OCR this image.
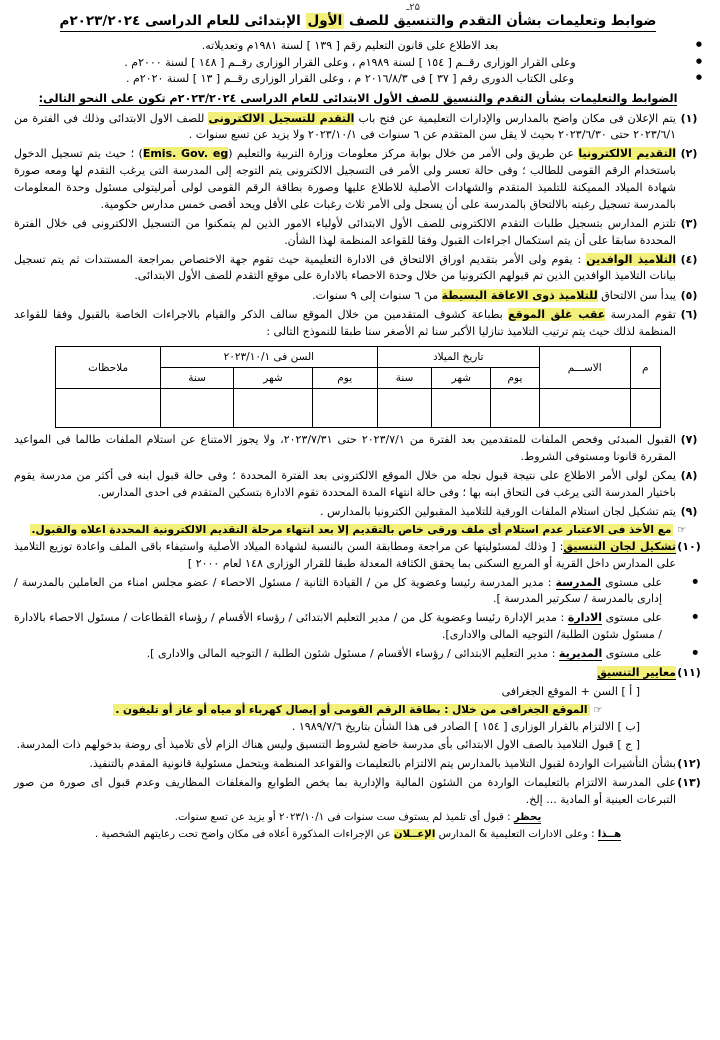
۲۵ـ
ضوابط وتعليمات بشأن التقدم والتنسيق للصف الأول الإبتدائى للعام الدراسى ٢٠٢٣/٢٠٢٤م
● بعد الاطلاع على قانون التعليم رقم [ ١٣٩ ] لسنة ١٩٨١م وتعديلاته.
● وعلى القرار الوزارى رقــم [ ١٥٤ ] لسنة ١٩٨٩م ، وعلى القرار الوزارى رقــم [ ١٤٨ ] لسنة ٢٠٠٠م .
● وعلى الكتاب الدورى رقم [ ٣٧ ] فى ٢٠١٦/٨/٣ م ، وعلى القرار الوزارى رقــم [ ١٣ ] لسنة ٢٠٢٠م .
الضوابط والتعليمات بشأن التقدم والتنسيق للصف الأول الابتدائى للعام الدراسى ٢٠٢٣/٢٠٢٤م تكون على النحو التالى:
(١)
يتم الإعلان فى مكان واضح بالمدارس والإدارات التعليمية عن فتح باب التقدم للتسجيل الالكترونى للصف الاول الابتدائى وذلك فى الفترة من ٢٠٢٣/٦/١ حتى ٢٠٢٣/٦/٣٠ بحيث لا يقل سن المتقدم عن ٦ سنوات فى ٢٠٢٣/١٠/١ ولا يزيد عن تسع سنوات .
(٢)
التقديم الالكترونيا عن طريق ولى الأمر من خلال بوابة مركز معلومات وزارة التربية والتعليم (Emis. Gov. eg) ؛ حيث يتم تسجيل الدخول باستخدام الرقم القومى للطالب ؛ وفى حالة تعسر ولى الأمر فى التسجيل الالكترونى يتم التوجه إلى المدرسة التى يرغب التقدم لها ومعه صورة شهادة الميلاد المميكنة للتلميذ المتقدم والشهادات الأصلية للاطلاع عليها وصورة بطاقة الرقم القومى لولى أمرليتولى مسئول وحدة المعلومات بالمدرسة تسجيل رغبته بالالتحاق بالمدرسة على أن يسجل ولى الأمر ثلاث رغبات على الأقل ويحد أقصى خمس مدارس حكومية.
(٣)
تلتزم المدارس بتسجيل طلبات التقدم الالكترونى للصف الأول الابتدائى لأولياء الامور الذين لم يتمكنوا من التسجيل الالكترونى فى خلال الفترة المحددة سابقا على أن يتم استكمال اجراءات القبول وفقا للقواعد المنظمة لهذا الشأن.
(٤)
التلاميذ الوافدين : يقوم ولى الأمر بتقديم اوراق الالتحاق فى الادارة التعليمية حيث تقوم جهة الاختصاص بمراجعة المستندات ثم يتم تسجيل بيانات التلاميذ الوافدين الذين تم قبولهم الكترونيا من خلال وحدة الاحصاء بالادارة على موقع التقدم للصف الأول الابتدائى.
(٥)
يبدأ سن الالتحاق للتلاميذ ذوى الاعاقة البسيطة من ٦ سنوات إلى ٩ سنوات.
(٦)
تقوم المدرسة عقب غلق الموقع بطباعة كشوف المتقدمين من خلال الموقع سالف الذكر والقيام بالاجراءات الخاصة بالقبول وفقا للقواعد المنظمة لذلك حيث يتم ترتيب التلاميذ تنازليا الأكبر سنا ثم الأصغر سنا طبقا للنموذج التالى :
م	الاســـم	تاريخ الميلاد			السن فى ٢٠٢٣/١٠/١			ملاحظات
		يوم	شهر	سنة	يوم	شهر	سنة	

(٧)
القبول المبدئى وفحص الملفات للمتقدمين بعد الفترة من ٢٠٢٣/٧/١ حتى ٢٠٢٣/٧/٣١، ولا يجوز الامتناع عن استلام الملفات طالما فى المواعيد المقررة قانونا ومستوفى الشروط.
(٨)
يمكن لولى الأمر الاطلاع على نتيجة قبول نجله من خلال الموقع الالكترونى بعد الفترة المحددة ؛ وفى حالة قبول ابنه فى أكثر من مدرسة يقوم باختيار المدرسة التى يرغب فى التحاق ابنه بها ؛ وفى حالة انتهاء المدة المحددة تقوم الادارة بتسكين المتقدم فى احدى المدارس.
(٩)
يتم تشكيل لجان استلام الملفات الورقية للتلاميذ المقبولين الكترونيا بالمدارس .
☞ مع الأخذ فى الاعتبار عدم استلام أى ملف ورقى خاص بالتقديم إلا بعد انتهاء مرحلة التقديم الالكترونية المحددة اعلاه والقبول.
(١٠)
تشكيل لجان التنسيق: [ وذلك لمسئوليتها عن مراجعة ومطابقة السن بالنسبة لشهادة الميلاد الأصلية واستيفاء باقى الملف واعادة توزيع التلاميذ على المدارس داخل القرية أو المربع السكنى بما يحقق الكثافة المعدلة طبقا للقرار الوزارى ١٤٨ لعام ٢٠٠٠ ]
● على مستوى المدرسة : مدير المدرسة رئيسا وعضوية كل من / القيادة الثانية / مسئول الاحصاء / عضو مجلس امناء من العاملين بالمدرسة / إدارى بالمدرسة / سكرتير المدرسة ].
● على مستوى الادارة : مدير الإدارة رئيسا وعضوية كل من / مدير التعليم الابتدائى / رؤساء الأقسام / رؤساء القطاعات / مسئول الاحصاء بالادارة / مسئول شئون الطلبة/ التوجيه المالى والادارى].
● على مستوى المديرية : مدير التعليم الابتدائى / رؤساء الأقسام / مسئول شئون الطلبة / التوجيه المالى والادارى ].
(١١)
معايير التنسيق
[ أ ] السن + الموقع الجغرافى
☞ الموقع الجغرافى من خلال : بطاقة الرقم القومى أو إيصال كهرباء أو مياه أو غاز أو تليفون .
[ب ] الالتزام بالقرار الوزارى [ ١٥٤ ] الصادر فى هذا الشأن بتاريخ ١٩٨٩/٧/٦ .
[ ج ] قبول التلاميذ بالصف الاول الابتدائى بأى مدرسة خاضع لشروط التنسيق وليس هناك الزام لأى تلاميذ أى روضة بدخولهم ذات المدرسة.
(١٢)
بشأن التأشيرات الواردة لقبول التلاميذ بالمدارس يتم الالتزام بالتعليمات والقواعد المنظمة ويتحمل مسئولية قانونية المقدم بالتنفيذ.
(١٣)
على المدرسة الالتزام بالتعليمات الواردة من الشئون المالية والإدارية بما يخص الطوابع والمغلفات المظاريف وعدم قبول اى صورة من صور التبرعات العينية أو المادية ... إلخ.
يحظر : قبول أى تلميذ لم يستوف ست سنوات فى ٢٠٢٣/١٠/١ أو يزيد عن تسع سنوات.
هــذا : وعلى الادارات التعليمية & المدارس الإعــلان عن الإجراءات المذكورة أعلاه فى مكان واضح تحت رعايتهم الشخصية .
